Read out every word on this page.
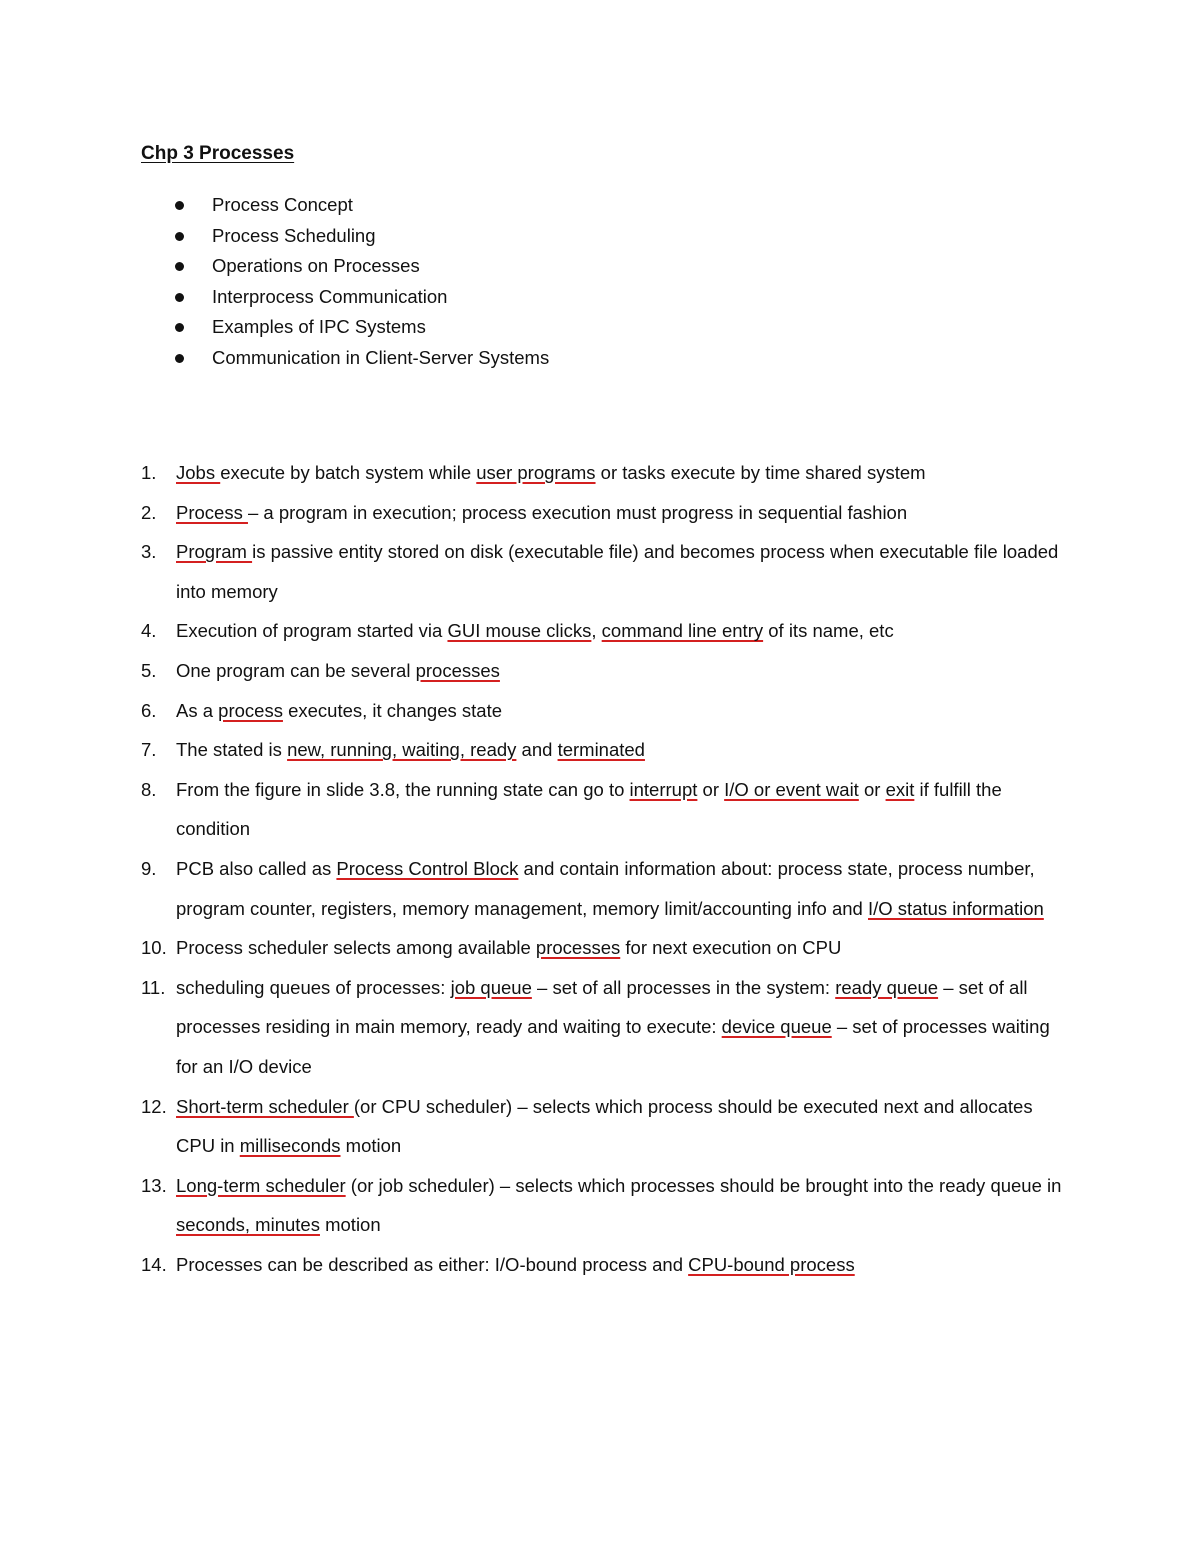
Chp 3 Processes
Process Concept
Process Scheduling
Operations on Processes
Interprocess Communication
Examples of IPC Systems
Communication in Client-Server Systems
1. Jobs execute by batch system while user programs or tasks execute by time shared system
2. Process – a program in execution; process execution must progress in sequential fashion
3. Program is passive entity stored on disk (executable file) and becomes process when executable file loaded into memory
4. Execution of program started via GUI mouse clicks, command line entry of its name, etc
5. One program can be several processes
6. As a process executes, it changes state
7. The stated is new, running, waiting, ready and terminated
8. From the figure in slide 3.8, the running state can go to interrupt or I/O or event wait or exit if fulfill the condition
9. PCB also called as Process Control Block and contain information about: process state, process number, program counter, registers, memory management, memory limit/accounting info and I/O status information
10. Process scheduler selects among available processes for next execution on CPU
11. scheduling queues of processes: job queue – set of all processes in the system: ready queue – set of all processes residing in main memory, ready and waiting to execute: device queue – set of processes waiting for an I/O device
12. Short-term scheduler (or CPU scheduler) – selects which process should be executed next and allocates CPU in milliseconds motion
13. Long-term scheduler (or job scheduler) – selects which processes should be brought into the ready queue in seconds, minutes motion
14. Processes can be described as either: I/O-bound process and CPU-bound process
